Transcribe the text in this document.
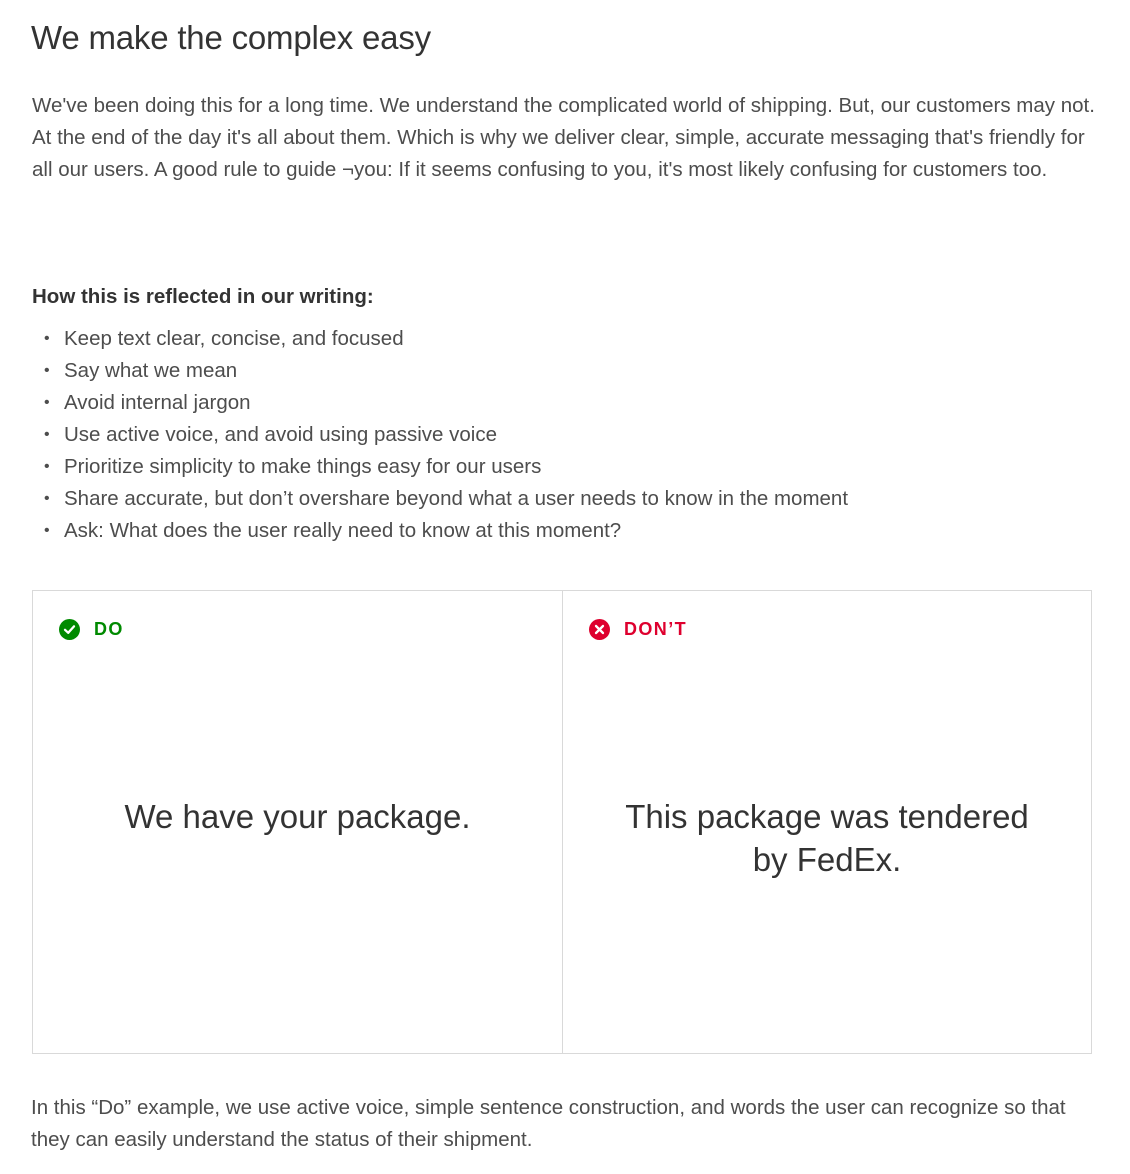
We make the complex easy

We've been doing this for a long time. We understand the complicated world of shipping. But, our customers may not. At the end of the day it's all about them. Which is why we deliver clear, simple, accurate messaging that's friendly for all our users. A good rule to guide ¬you: If it seems confusing to you, it's most likely confusing for customers too.

How this is reflected in our writing:
• Keep text clear, concise, and focused
• Say what we mean
• Avoid internal jargon
• Use active voice, and avoid using passive voice
• Prioritize simplicity to make things easy for our users
• Share accurate, but don’t overshare beyond what a user needs to know in the moment
• Ask: What does the user really need to know at this moment?
DO
We have your package.
DON’T
This package was tendered by FedEx.

In this “Do” example, we use active voice, simple sentence construction, and words the user can recognize so that they can easily understand the status of their shipment.
